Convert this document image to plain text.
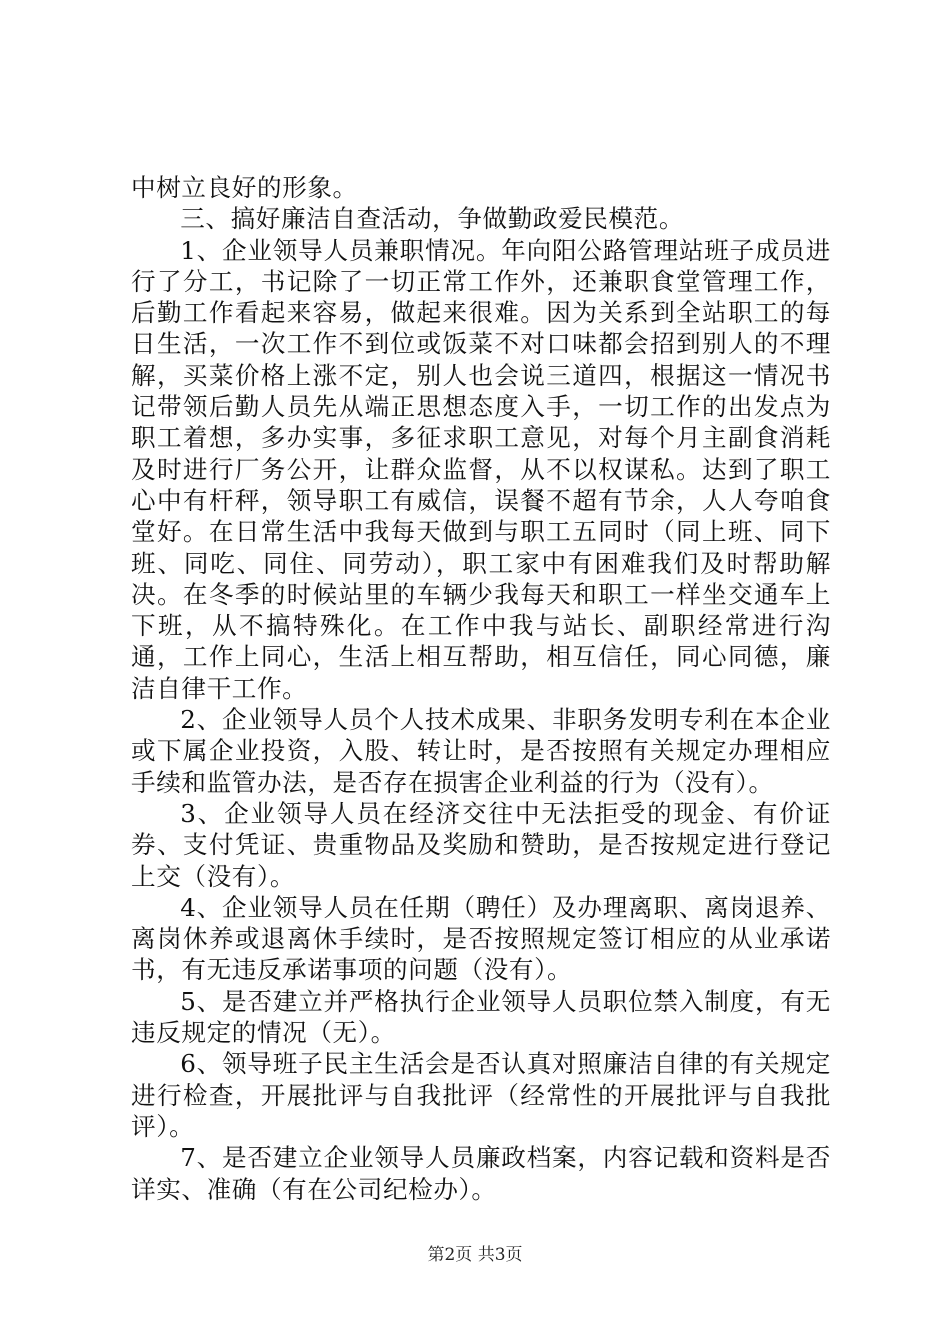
中树立良好的形象。

三、搞好廉洁自查活动，争做勤政爱民模范。

1、企业领导人员兼职情况。年向阳公路管理站班子成员进行了分工，书记除了一切正常工作外，还兼职食堂管理工作，后勤工作看起来容易，做起来很难。因为关系到全站职工的每日生活，一次工作不到位或饭菜不对口味都会招到别人的不理解，买菜价格上涨不定，别人也会说三道四，根据这一情况书记带领后勤人员先从端正思想态度入手，一切工作的出发点为职工着想，多办实事，多征求职工意见，对每个月主副食消耗及时进行厂务公开，让群众监督，从不以权谋私。达到了职工心中有杆秤，领导职工有威信，误餐不超有节余，人人夸咱食堂好。在日常生活中我每天做到与职工五同时（同上班、同下班、同吃、同住、同劳动），职工家中有困难我们及时帮助解决。在冬季的时候站里的车辆少我每天和职工一样坐交通车上下班，从不搞特殊化。在工作中我与站长、副职经常进行沟通，工作上同心，生活上相互帮助，相互信任，同心同德，廉洁自律干工作。

2、企业领导人员个人技术成果、非职务发明专利在本企业或下属企业投资，入股、转让时，是否按照有关规定办理相应手续和监管办法，是否存在损害企业利益的行为（没有）。

3、企业领导人员在经济交往中无法拒受的现金、有价证券、支付凭证、贵重物品及奖励和赞助，是否按规定进行登记上交（没有）。

4、企业领导人员在任期（聘任）及办理离职、离岗退养、离岗休养或退离休手续时，是否按照规定签订相应的从业承诺书，有无违反承诺事项的问题（没有）。

5、是否建立并严格执行企业领导人员职位禁入制度，有无违反规定的情况（无）。

6、领导班子民主生活会是否认真对照廉洁自律的有关规定进行检查，开展批评与自我批评（经常性的开展批评与自我批评）。

7、是否建立企业领导人员廉政档案，内容记载和资料是否详实、准确（有在公司纪检办）。

第2页 共3页
